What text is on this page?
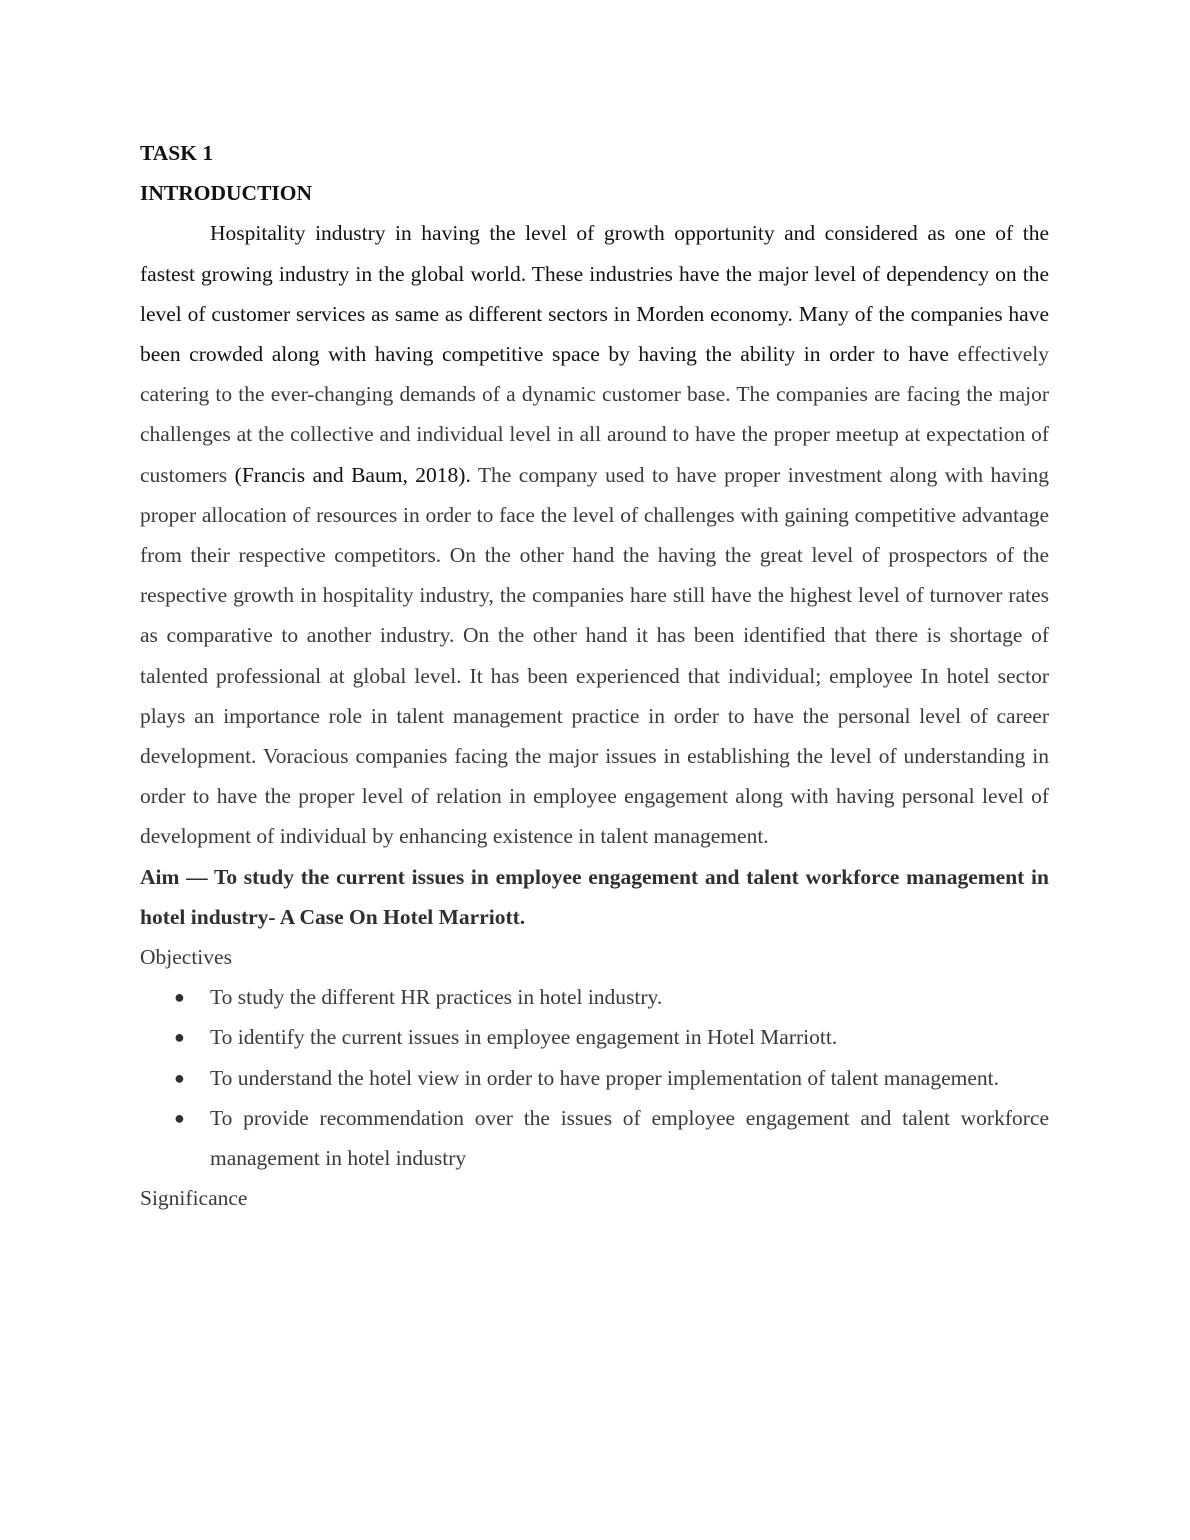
TASK 1

INTRODUCTION

Hospitality industry in having the level of growth opportunity and considered as one of the fastest growing industry in the global world. These industries have the major level of dependency on the level of customer services as same as different sectors in Morden economy. Many of the companies have been crowded along with having competitive space by having the ability in order to have effectively catering to the ever-changing demands of a dynamic customer base. The companies are facing the major challenges at the collective and individual level in all around to have the proper meetup at expectation of customers (Francis and Baum, 2018). The company used to have proper investment along with having proper allocation of resources in order to face the level of challenges with gaining competitive advantage from their respective competitors. On the other hand the having the great level of prospectors of the respective growth in hospitality industry, the companies hare still have the highest level of turnover rates as comparative to another industry. On the other hand it has been identified that there is shortage of talented professional at global level. It has been experienced that individual; employee In hotel sector plays an importance role in talent management practice in order to have the personal level of career development. Voracious companies facing the major issues in establishing the level of understanding in order to have the proper level of relation in employee engagement along with having personal level of development of individual by enhancing existence in talent management.

Aim — To study the current issues in employee engagement and talent workforce management in hotel industry- A Case On Hotel Marriott.

Objectives

● To study the different HR practices in hotel industry.
● To identify the current issues in employee engagement in Hotel Marriott.
● To understand the hotel view in order to have proper implementation of talent management.
● To provide recommendation over the issues of employee engagement and talent workforce management in hotel industry

Significance
